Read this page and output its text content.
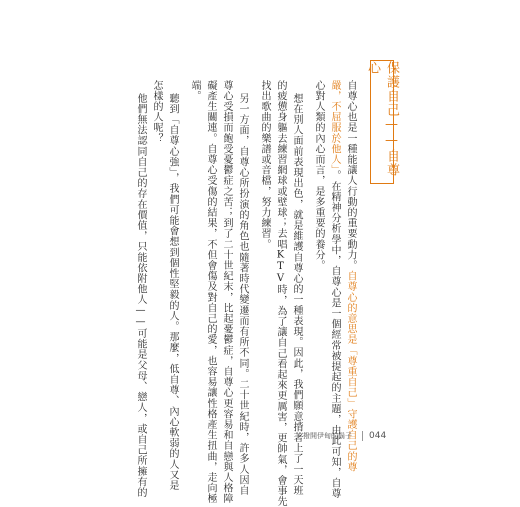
保護自己——自尊心
自尊心也是一種能讓人行動的重要動力。自尊心的意思是「尊重自己」守護自己的尊
嚴，不屈服於他人」。在精神分析學中，自尊心是一個經常被提起的主題，由此可知，自尊
心對人類的內心而言，是多重要的養分。
想在別人面前表現出色，就是維護自尊心的一種表現。因此，我們願意揹著上了一天班
的疲憊身軀去練習網球或壁球；去唱KTV時，為了讓自己看起來更厲害，更帥氣，會事先
找出歌曲的樂譜或音檔，努力練習。
另一方面，自尊心所扮演的角色也隨著時代變遷而有所不同。二十世紀時，許多人因自
尊心受損而飽受憂鬱症之苦；到了二十世紀末，比起憂鬱症，自尊心更容易和自戀與人格障
礙產生關連。自尊心受傷的結果，不但會傷及對自己的愛，也容易讓性格產生扭曲，走向極
端。
聽到「自尊心強」，我們可能會想到個性堅毅的人。那麼，低自尊、內心軟弱的人又是
怎樣的人呢？
他們無法認同自己的存在價值，只能依附他人——可能是父母、戀人，或自己所擁有的	撥開伊甸的鬍子	044
